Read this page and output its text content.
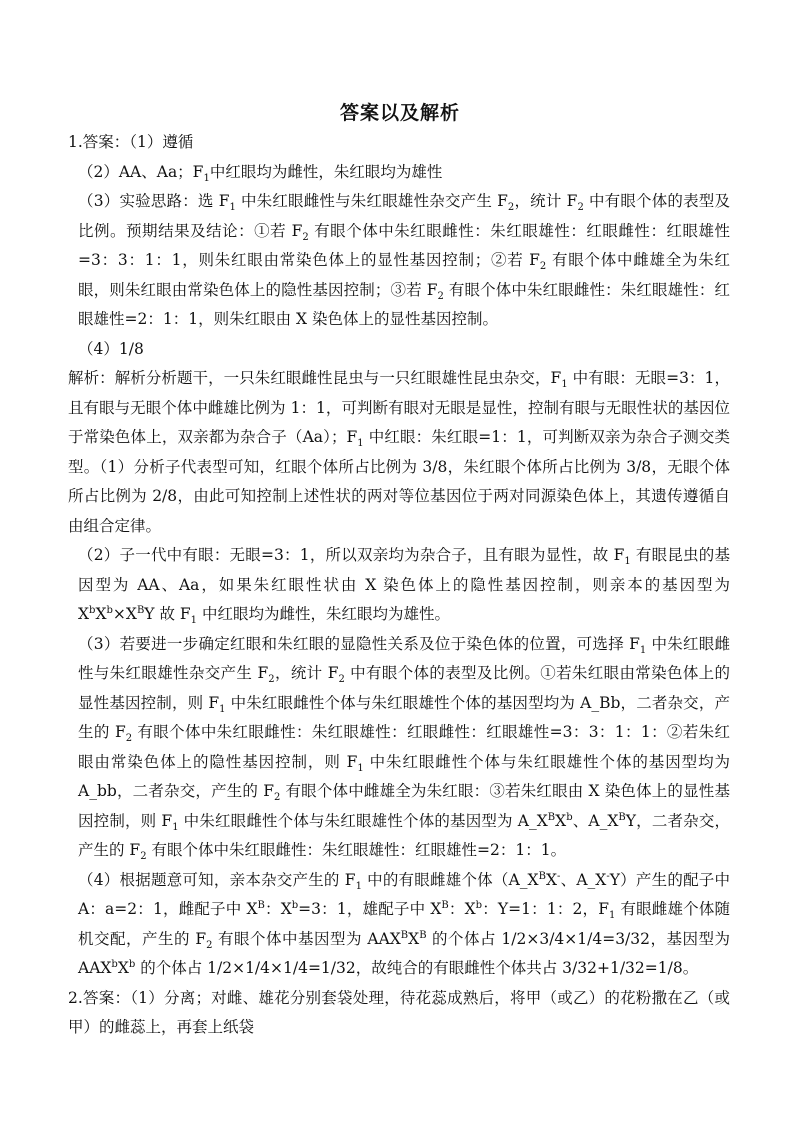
答案以及解析

1.答案：（1）遵循

（2）AA、Aa；$F_1$中红眼均为雌性，朱红眼均为雄性

（3）实验思路：选 $F_1$ 中朱红眼雌性与朱红眼雄性杂交产生 $F_2$，统计 $F_2$ 中有眼个体的表型及比例。预期结果及结论：①若 $F_2$ 有眼个体中朱红眼雌性：朱红眼雄性：红眼雌性：红眼雄性=3：3：1：1，则朱红眼由常染色体上的显性基因控制；②若 $F_2$ 有眼个体中雌雄全为朱红眼，则朱红眼由常染色体上的隐性基因控制；③若 $F_2$ 有眼个体中朱红眼雌性：朱红眼雄性：红眼雄性=2：1：1，则朱红眼由 X 染色体上的显性基因控制。

（4）1/8

解析：解析分析题干，一只朱红眼雌性昆虫与一只红眼雄性昆虫杂交，$F_1$ 中有眼：无眼=3：1，且有眼与无眼个体中雌雄比例为 1：1，可判断有眼对无眼是显性，控制有眼与无眼性状的基因位于常染色体上，双亲都为杂合子（Aa）；$F_1$ 中红眼：朱红眼=1：1，可判断双亲为杂合子测交类型。（1）分析子代表型可知，红眼个体所占比例为 3/8，朱红眼个体所占比例为 3/8，无眼个体所占比例为 2/8，由此可知控制上述性状的两对等位基因位于两对同源染色体上，其遗传遵循自由组合定律。

（2）子一代中有眼：无眼=3：1，所以双亲均为杂合子，且有眼为显性，故 $F_1$ 有眼昆虫的基因型为 AA、Aa，如果朱红眼性状由 X 染色体上的隐性基因控制，则亲本的基因型为 $X^bX^b\times X^BY$ 故 $F_1$ 中红眼均为雌性，朱红眼均为雄性。

（3）若要进一步确定红眼和朱红眼的显隐性关系及位于染色体的位置，可选择 $F_1$ 中朱红眼雌性与朱红眼雄性杂交产生 $F_2$，统计 $F_2$ 中有眼个体的表型及比例。①若朱红眼由常染色体上的显性基因控制，则 $F_1$ 中朱红眼雌性个体与朱红眼雄性个体的基因型均为 A_Bb，二者杂交，产生的 $F_2$ 有眼个体中朱红眼雌性：朱红眼雄性：红眼雌性：红眼雄性=3：3：1：1：②若朱红眼由常染色体上的隐性基因控制，则 $F_1$ 中朱红眼雌性个体与朱红眼雄性个体的基因型均为 A_bb，二者杂交，产生的 $F_2$ 有眼个体中雌雄全为朱红眼：③若朱红眼由 X 染色体上的显性基因控制，则 $F_1$ 中朱红眼雌性个体与朱红眼雄性个体的基因型为 $A\_X^BX^b$、$A\_X^BY$，二者杂交，产生的 $F_2$ 有眼个体中朱红眼雌性：朱红眼雄性：红眼雄性=2：1：1。

（4）根据题意可知，亲本杂交产生的 $F_1$ 中的有眼雌雄个体（$A\_X^BX^-$、A_X-Y）产生的配子中 A：a=2：1，雌配子中 $X^B$：$X^b=3$：1，雄配子中 $X^B$：$X^b$：Y=1：1：2，$F_1$ 有眼雌雄个体随机交配，产生的 $F_2$ 有眼个体中基因型为 $AAX^BX^B$ 的个体占 1/2×3/4×1/4=3/32，基因型为 $AAX^bX^b$ 的个体占 1/2×1/4×1/4=1/32，故纯合的有眼雌性个体共占 3/32+1/32=1/8。

2.答案：（1）分离；对雌、雄花分别套袋处理，待花蕊成熟后，将甲（或乙）的花粉撒在乙（或甲）的雌蕊上，再套上纸袋
